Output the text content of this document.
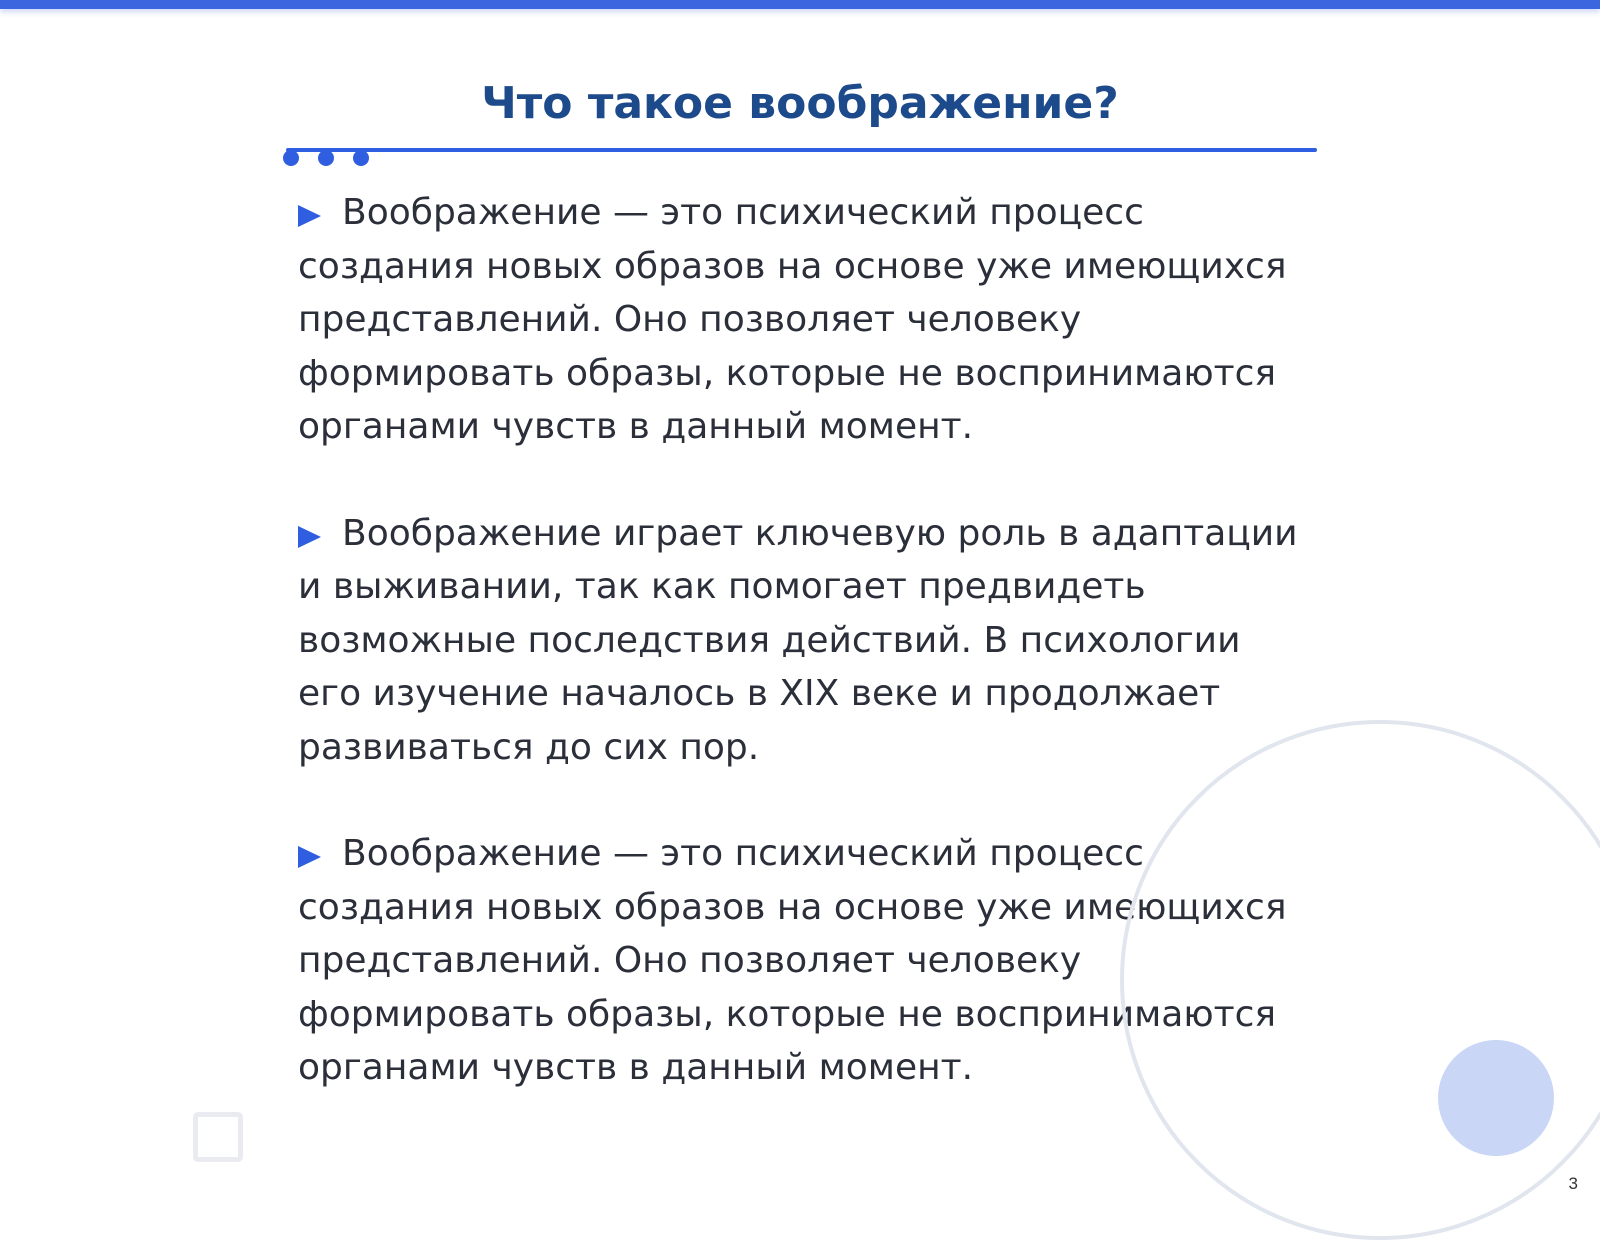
Что такое воображение?

Воображение — это психический процесс создания новых образов на основе уже имеющихся представлений. Оно позволяет человеку формировать образы, которые не воспринимаются органами чувств в данный момент.

Воображение играет ключевую роль в адаптации и выживании, так как помогает предвидеть возможные последствия действий. В психологии его изучение началось в XIX веке и продолжает развиваться до сих пор.

Воображение — это психический процесс создания новых образов на основе уже имеющихся представлений. Оно позволяет человеку формировать образы, которые не воспринимаются органами чувств в данный момент.

3
